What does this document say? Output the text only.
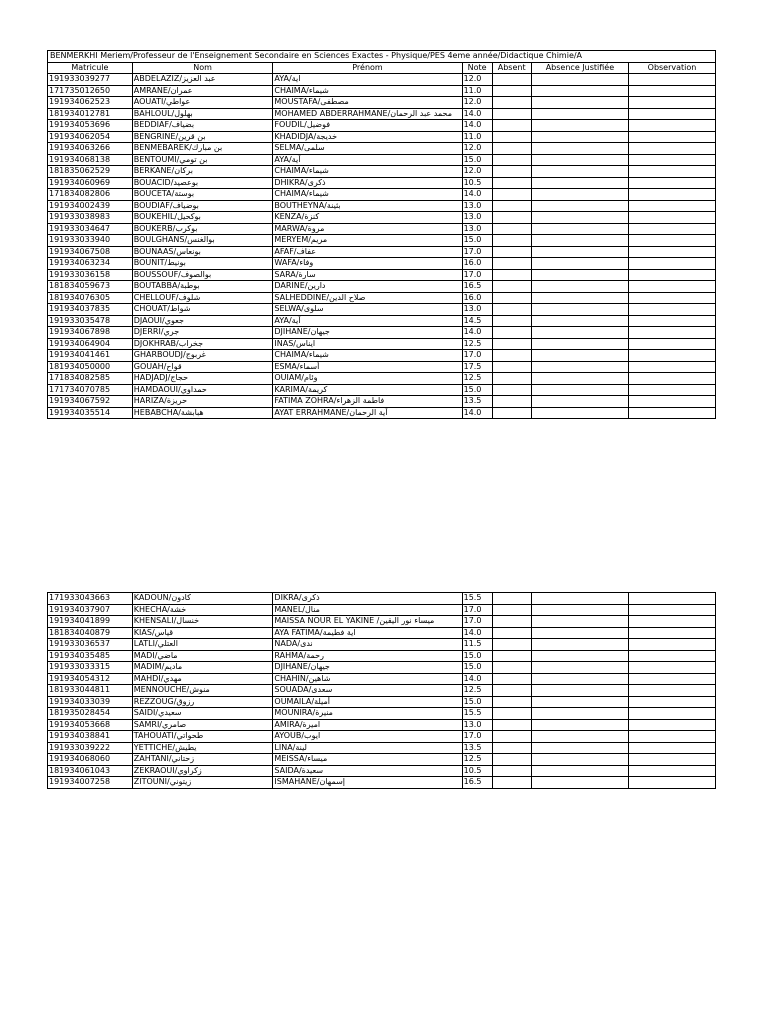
BENMERKHI Meriem/Professeur de l'Enseignement Secondaire en Sciences Exactes - Physique/PES 4eme année/Didactique Chimie/A						
Matricule	Nom	Prénom	Note	Absent	Absence Justifiée	Observation
191933039277	ABDELAZIZ/عبد العزيز	AYA/اية	12.0			
171735012650	AMRANE/عمران	CHAIMA/شيماء	11.0			
191934062523	AOUATI/عواطي	MOUSTAFA/مصطفى	12.0			
181934012781	BAHLOUL/بهلول	MOHAMED ABDERRAHMANE/محمد عبد الرحمان	14.0			
191934053696	BEDDIAF/بضياف	FOUDIL/فوضيل	14.0			
191934062054	BENGRINE/بن قرين	KHADIDJA/خديجة	11.0			
191934063266	BENMEBAREK/بن مبارك	SELMA/سلمى	12.0			
191934068138	BENTOUMI/بن تومي	AYA/آية	15.0			
181835062529	BERKANE/بركان	CHAIMA/شيماء	12.0			
191934060969	BOUACID/بوعصيد	DHIKRA/ذكرى	10.5			
171834082806	BOUCETA/بوستة	CHAIMA/شيماء	14.0			
191934002439	BOUDIAF/بوضياف	BOUTHEYNA/بثينة	13.0			
191933038983	BOUKEHIL/بوكحيل	KENZA/كنزة	13.0			
191933034647	BOUKERB/بوكرب	MARWA/مروة	13.0			
191933033940	BOULGHANS/بوالغنس	MERYEM/مريم	15.0			
191934067508	BOUNAAS/بونعاس	AFAF/عفاف	17.0			
191934063234	BOUNIT/بونيط	WAFA/وفاء	16.0			
191933036158	BOUSSOUF/بوالصوف	SARA/سارة	17.0			
181834059673	BOUTABBA/بوطبة	DARINE/دارين	16.5			
181934076305	CHELLOUF/شلوف	SALHEDDINE/صلاح الدين	16.0			
191934037835	CHOUAT/شواط	SELWA/سلوى	13.0			
191933035478	DJAOUI/جعوي	AYA/آية	14.5			
191934067898	DJERRI/جري	DJIHANE/جيهان	14.0			
191934064904	DJOKHRAB/جخراب	INAS/ايناس	12.5			
191934041461	GHARBOUDJ/غربوج	CHAIMA/شيماء	17.0			
181934050000	GOUAH/قواح	ESMA/أسماء	17.5			
171834082585	HADJADJ/حجاج	OUIAM/وئام	12.5			
171734070785	HAMDAOUI/حمداوي	KARIMA/كريمة	15.0			
191934067592	HARIZA/حريزة	FATIMA ZOHRA/فاطمة الزهراء	13.5			
191934035514	HEBABCHA/هبابشة	AYAT ERRAHMANE/آية الرحمان	14.0			
171933043663	KADOUN/كادون	DIKRA/ذكرى	15.5			
191934037907	KHECHA/خشة	MANEL/منال	17.0			
191934041899	KHENSALI/خنسال	MAISSA NOUR EL YAKINE /ميساء نور اليقين	17.0			
181834040879	KIAS/قياس	AYA FATIMA/اية فطيمة	14.0			
191933036537	LATLI/العتلي	NADA/ندى	11.5			
191934035485	MADI/ماضي	RAHMA/رحمة	15.0			
191933033315	MADIM/ماديم	DJIHANE/جيهان	15.0			
191934054312	MAHDI/مهدي	CHAHIN/شاهين	14.0			
181933044811	MENNOUCHE/منوش	SOUADA/سعدى	12.5			
191934033039	REZZOUG/رزوق	OUMAILA/أميلة	15.0			
181935028454	SAIDI/سعيدي	MOUNIRA/منيرة	15.5			
191934053668	SAMRI/صامري	AMIRA/اميرة	13.0			
191934038841	TAHOUATI/طحواتي	AYOUB/ايوب	17.0			
191933039222	YETTICHE/يطيش	LINA/لينة	13.5			
191934068060	ZAHTANI/زحتاني	MEISSA/ميساء	12.5			
181934061043	ZEKRAOUI/زكراوي	SAIDA/سعيدة	10.5			
191934007258	ZITOUNI/زيتوني	ISMAHANE/إسمهان	16.5			
